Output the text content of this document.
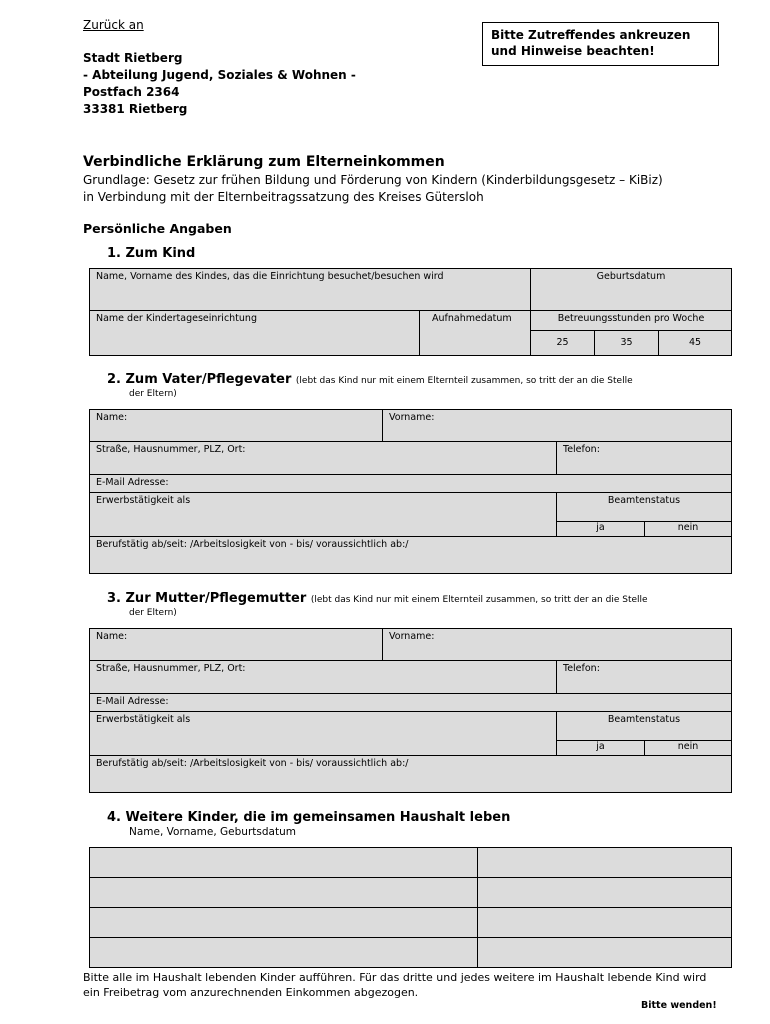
Zurück an
Stadt Rietberg
- Abteilung Jugend, Soziales & Wohnen -
Postfach 2364
33381 Rietberg
Bitte Zutreffendes ankreuzen
und Hinweise beachten!
Verbindliche Erklärung zum Elterneinkommen
Grundlage: Gesetz zur frühen Bildung und Förderung von Kindern (Kinderbildungsgesetz – KiBiz)
in Verbindung mit der Elternbeitragssatzung des Kreises Gütersloh
Persönliche Angaben
1. Zum Kind
Name, Vorname des Kindes, das die Einrichtung besuchet/besuchen wird	Geburtsdatum
Name der Kindertageseinrichtung	Aufnahmedatum	Betreuungsstunden pro Woche
25	35	45
2. Zum Vater/Pflegevater (lebt das Kind nur mit einem Elternteil zusammen, so tritt der an die Stelle
der Eltern)
Name:	Vorname:
Straße, Hausnummer, PLZ, Ort:	Telefon:
E-Mail Adresse:
Erwerbstätigkeit als	Beamtenstatus
ja	nein
Berufstätig ab/seit: /Arbeitslosigkeit von - bis/ voraussichtlich ab:/
3. Zur Mutter/Pflegemutter (lebt das Kind nur mit einem Elternteil zusammen, so tritt der an die Stelle
der Eltern)
Name:	Vorname:
Straße, Hausnummer, PLZ, Ort:	Telefon:
E-Mail Adresse:
Erwerbstätigkeit als	Beamtenstatus
ja	nein
Berufstätig ab/seit: /Arbeitslosigkeit von - bis/ voraussichtlich ab:/
4. Weitere Kinder, die im gemeinsamen Haushalt leben
Name, Vorname, Geburtsdatum
Bitte alle im Haushalt lebenden Kinder aufführen. Für das dritte und jedes weitere im Haushalt lebende Kind wird
ein Freibetrag vom anzurechnenden Einkommen abgezogen.
Bitte wenden!
